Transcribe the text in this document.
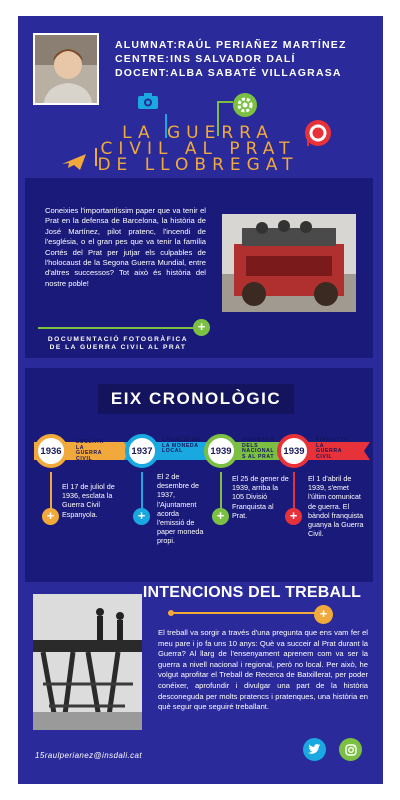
ALUMNAT:RAÚL PERIAÑEZ MARTÍNEZ
CENTRE:INS SALVADOR DALÍ
DOCENT:ALBA SABATÉ VILLAGRASA
LA GUERRA
CIVIL AL PRAT
DE LLOBREGAT
Coneixies l'importantíssim paper que va tenir el Prat en la defensa de Barcelona, la història de José Martínez, pilot pratenc, l'incendi de l'església, o el gran pes que va tenir la família Cortés del Prat per jutjar els culpables de l'holocaust de la Segona Guerra Mundial, entre d'altres successos? Tot això és història del nostre poble!
+
DOCUMENTACIÓ FOTOGRÀFICA
DE LA GUERRA CIVIL AL PRAT
EIX CRONOLÒGIC
1936
ESCLATA
LA
GUERRA
CIVIL
+
El 17 de juliol de 1936, esclata la Guerra Civil Espanyola.
1937
CREACIÓ DE
LA MONEDA
LOCAL
+
El 2 de desembre de 1937, l'Ajuntament acorda l'emissió de paper moneda propi.
1939
ARRIBADA
DELS
NACIONAL
S AL PRAT
+
El 25 de gener de 1939, arriba la 105 Divisió Franquista al Prat.
1939
FINALITZA
LA
GUERRA
CIVIL
+
El 1 d'abril de 1939, s'emet l'últim comunicat de guerra. El bàndol franquista guanya la Guerra Civil.
INTENCIONS DEL TREBALL
+
El treball va sorgir a través d'una pregunta que ens vam fer el meu pare i jo fa uns 10 anys: Què va succeir al Prat durant la Guerra? Al llarg de l'ensenyament aprenem com va ser la guerra a nivell nacional i regional, però no local. Per això, he volgut aprofitar el Treball de Recerca de Batxillerat, per poder conéixer, aprofundir i divulgar una part de la història desconeguda per molts pratencs i pratenques, una història en què segur que seguiré treballant.
15raulperianez@insdali.cat
